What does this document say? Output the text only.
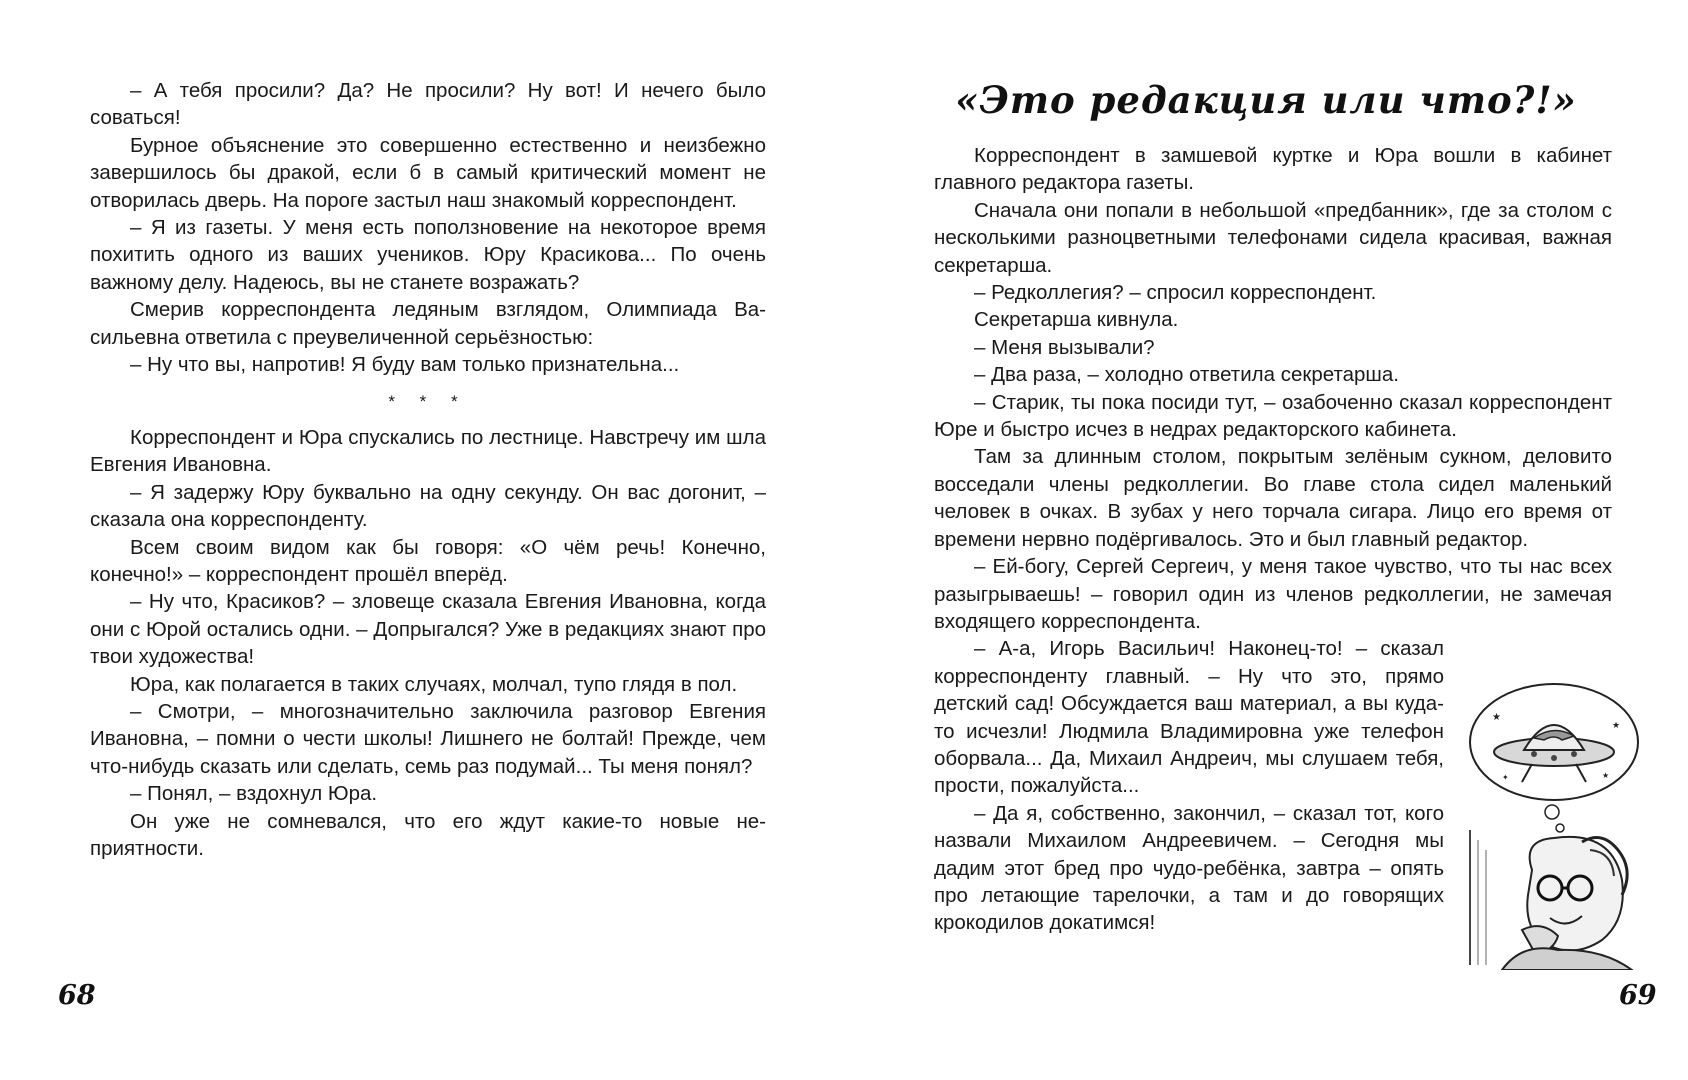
– А тебя просили? Да? Не просили? Ну вот! И нечего было соваться!

Бурное объяснение это совершенно естественно и неизбежно завершилось бы дракой, если б в самый критический момент не отворилась дверь. На пороге застыл наш знакомый корреспондент.

– Я из газеты. У меня есть поползновение на некоторое время похитить одного из ваших учеников. Юру Красикова... По очень важному делу. Надеюсь, вы не станете возражать?

Смерив корреспондента ледяным взглядом, Олимпиада Васильевна ответила с преувеличенной серьёзностью:

– Ну что вы, напротив! Я буду вам только признательна...

* * *

Корреспондент и Юра спускались по лестнице. Навстречу им шла Евгения Ивановна.

– Я задержу Юру буквально на одну секунду. Он вас догонит, – сказала она корреспонденту.

Всем своим видом как бы говоря: «О чём речь! Конечно, конечно!» – корреспондент прошёл вперёд.

– Ну что, Красиков? – зловеще сказала Евгения Ивановна, когда они с Юрой остались одни. – Допрыгался? Уже в редакциях знают про твои художества!

Юра, как полагается в таких случаях, молчал, тупо глядя в пол.

– Смотри, – многозначительно заключила разговор Евгения Ивановна, – помни о чести школы! Лишнего не болтай! Прежде, чем что-нибудь сказать или сделать, семь раз подумай... Ты меня понял?

– Понял, – вздохнул Юра.

Он уже не сомневался, что его ждут какие-то новые неприятности.

68
«Это редакция или что?!»

Корреспондент в замшевой куртке и Юра вошли в кабинет главного редактора газеты.

Сначала они попали в небольшой «предбанник», где за столом с несколькими разноцветными телефонами сидела красивая, важная секретарша.

– Редколлегия? – спросил корреспондент.

Секретарша кивнула.

– Меня вызывали?

– Два раза, – холодно ответила секретарша.

– Старик, ты пока посиди тут, – озабоченно сказал корреспондент Юре и быстро исчез в недрах редакторского кабинета.

Там за длинным столом, покрытым зелёным сукном, деловито восседали члены редколлегии. Во главе стола сидел маленький человек в очках. В зубах у него торчала сигара. Лицо его время от времени нервно подёргивалось. Это и был главный редактор.

– Ей-богу, Сергей Сергеич, у меня такое чувство, что ты нас всех разыгрываешь! – говорил один из членов редколлегии, не замечая входящего корреспондента.

– А-а, Игорь Васильич! Наконец-то! – сказал корреспонденту главный. – Ну что это, прямо детский сад! Обсуждается ваш материал, а вы куда-то исчезли! Людмила Владимировна уже телефон оборвала... Да, Михаил Андреич, мы слушаем тебя, прости, пожалуйста...

– Да я, собственно, закончил, – сказал тот, кого назвали Михаилом Андреевичем. – Сегодня мы дадим этот бред про чудо-ребёнка, завтра – опять про летающие тарелочки, а там и до говорящих крокодилов докатимся!

★
★
★
✦
69
